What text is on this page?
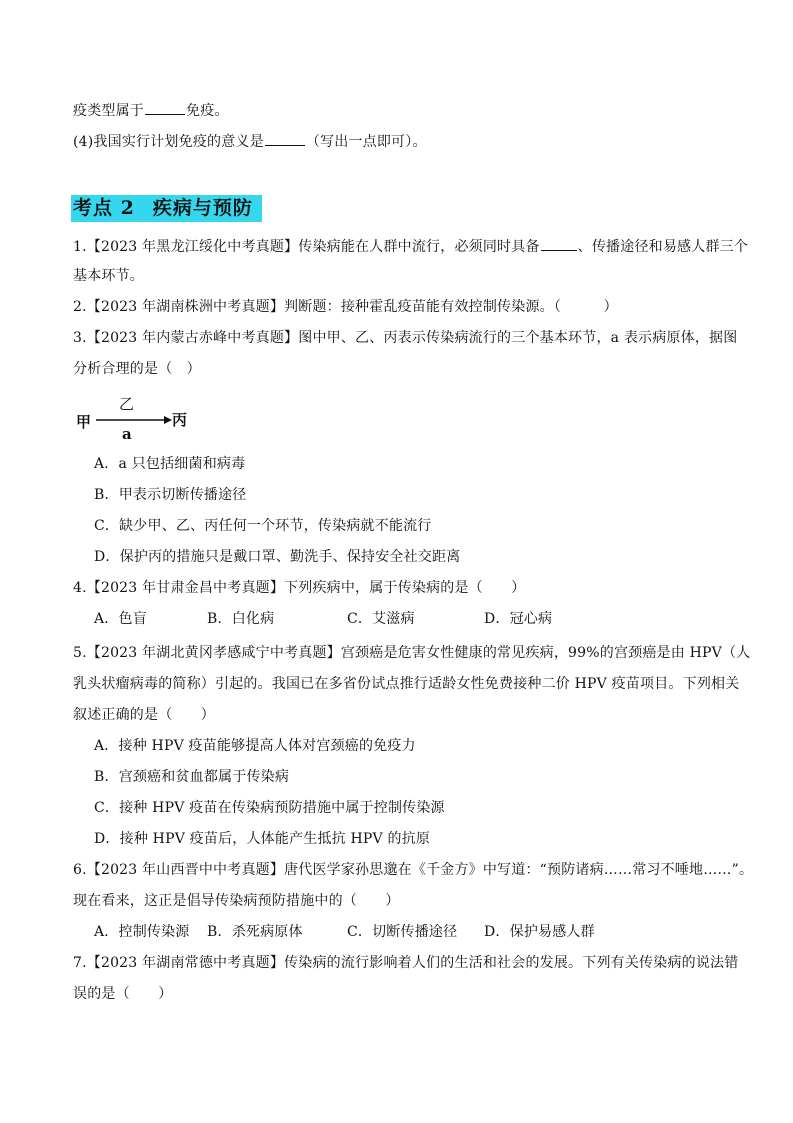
疫类型属于	免疫。
(4)我国实行计划免疫的意义是	（写出一点即可）。
考点 2 疾病与预防
1.【2023 年黑龙江绥化中考真题】传染病能在人群中流行，必须同时具备	、传播途径和易感人群三个
基本环节。
2.【2023 年湖南株洲中考真题】判断题：接种霍乱疫苗能有效控制传染源。（　　　）
3.【2023 年内蒙古赤峰中考真题】图中甲、乙、丙表示传染病流行的三个基本环节，a 表示病原体，据图
分析合理的是（　）
甲
乙
丙
a
A．a 只包括细菌和病毒
B．甲表示切断传播途径
C．缺少甲、乙、丙任何一个环节，传染病就不能流行
D．保护丙的措施只是戴口罩、勤洗手、保持安全社交距离
4.【2023 年甘肃金昌中考真题】下列疾病中，属于传染病的是（　　）
A．色盲	B．白化病	C．艾滋病	D．冠心病
5.【2023 年湖北黄冈孝感咸宁中考真题】宫颈癌是危害女性健康的常见疾病，99%的宫颈癌是由 HPV（人
乳头状瘤病毒的简称）引起的。我国已在多省份试点推行适龄女性免费接种二价 HPV 疫苗项目。下列相关
叙述正确的是（　　）
A．接种 HPV 疫苗能够提高人体对宫颈癌的免疫力
B．宫颈癌和贫血都属于传染病
C．接种 HPV 疫苗在传染病预防措施中属于控制传染源
D．接种 HPV 疫苗后，人体能产生抵抗 HPV 的抗原
6.【2023 年山西晋中中考真题】唐代医学家孙思邈在《千金方》中写道：“预防诸病……常习不唾地……”。
现在看来，这正是倡导传染病预防措施中的（　　）
A．控制传染源 B．杀死病原体	C．切断传播途径 D．保护易感人群
7.【2023 年湖南常德中考真题】传染病的流行影响着人们的生活和社会的发展。下列有关传染病的说法错
误的是（　　）
